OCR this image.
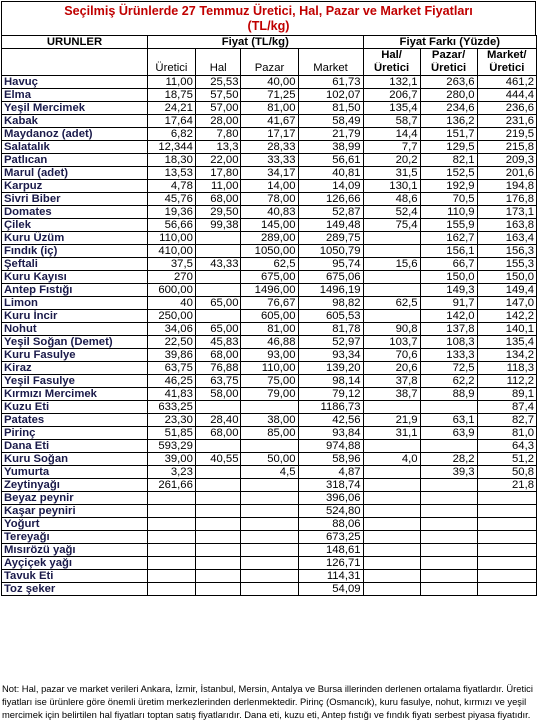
Seçilmiş Ürünlerde 27 Temmuz Üretici, Hal, Pazar ve Market Fiyatları
(TL/kg)
URUNLER	Fiyat (TL/kg)				Fiyat Farkı (Yüzde)		
	Üretici	Hal	Pazar	Market	Hal/	Pazar/	Market/
					Üretici	Üretici	Üretici
Havuç	11,00	25,53	40,00	61,73	132,1	263,6	461,2
Elma	18,75	57,50	71,25	102,07	206,7	280,0	444,4
Yeşil Mercimek	24,21	57,00	81,00	81,50	135,4	234,6	236,6
Kabak	17,64	28,00	41,67	58,49	58,7	136,2	231,6
Maydanoz (adet)	6,82	7,80	17,17	21,79	14,4	151,7	219,5
Salatalık	12,344	13,3	28,33	38,99	7,7	129,5	215,8
Patlıcan	18,30	22,00	33,33	56,61	20,2	82,1	209,3
Marul (adet)	13,53	17,80	34,17	40,81	31,5	152,5	201,6
Karpuz	4,78	11,00	14,00	14,09	130,1	192,9	194,8
Sivri Biber	45,76	68,00	78,00	126,66	48,6	70,5	176,8
Domates	19,36	29,50	40,83	52,87	52,4	110,9	173,1
Çilek	56,66	99,38	145,00	149,48	75,4	155,9	163,8
Kuru Üzüm	110,00		289,00	289,75		162,7	163,4
Fındık (iç)	410,00		1050,00	1050,79		156,1	156,3
Şeftali	37,5	43,33	62,5	95,74	15,6	66,7	155,3
Kuru Kayısı	270		675,00	675,06		150,0	150,0
Antep Fıstığı	600,00		1496,00	1496,19		149,3	149,4
Limon	40	65,00	76,67	98,82	62,5	91,7	147,0
Kuru İncir	250,00		605,00	605,53		142,0	142,2
Nohut	34,06	65,00	81,00	81,78	90,8	137,8	140,1
Yeşil Soğan (Demet)	22,50	45,83	46,88	52,97	103,7	108,3	135,4
Kuru Fasulye	39,86	68,00	93,00	93,34	70,6	133,3	134,2
Kiraz	63,75	76,88	110,00	139,20	20,6	72,5	118,3
Yeşil Fasulye	46,25	63,75	75,00	98,14	37,8	62,2	112,2
Kırmızı Mercimek	41,83	58,00	79,00	79,12	38,7	88,9	89,1
Kuzu Eti	633,25			1186,73			87,4
Patates	23,30	28,40	38,00	42,56	21,9	63,1	82,7
Pirinç	51,85	68,00	85,00	93,84	31,1	63,9	81,0
Dana Eti	593,29			974,88			64,3
Kuru Soğan	39,00	40,55	50,00	58,96	4,0	28,2	51,2
Yumurta	3,23		4,5	4,87		39,3	50,8
Zeytinyağı	261,66			318,74			21,8
Beyaz peynir				396,06			
Kaşar peyniri				524,80			
Yoğurt				88,06			
Tereyağı				673,25			
Mısırözü yağı				148,61			
Ayçiçek yağı				126,71			
Tavuk Eti				114,31			
Toz şeker				54,09			
Not: Hal, pazar ve market verileri Ankara, İzmir, İstanbul, Mersin, Antalya ve Bursa illerinden derlenen ortalama fiyatlardır. Üretici fiyatları ise ürünlere göre önemli üretim merkezlerinden derlenmektedir. Pirinç (Osmancık), kuru fasulye, nohut, kırmızı ve yeşil mercimek için belirtilen hal fiyatları toptan satış fiyatlarıdır. Dana eti, kuzu eti, Antep fıstığı ve fındık fiyatı serbest piyasa fiyatıdır.
